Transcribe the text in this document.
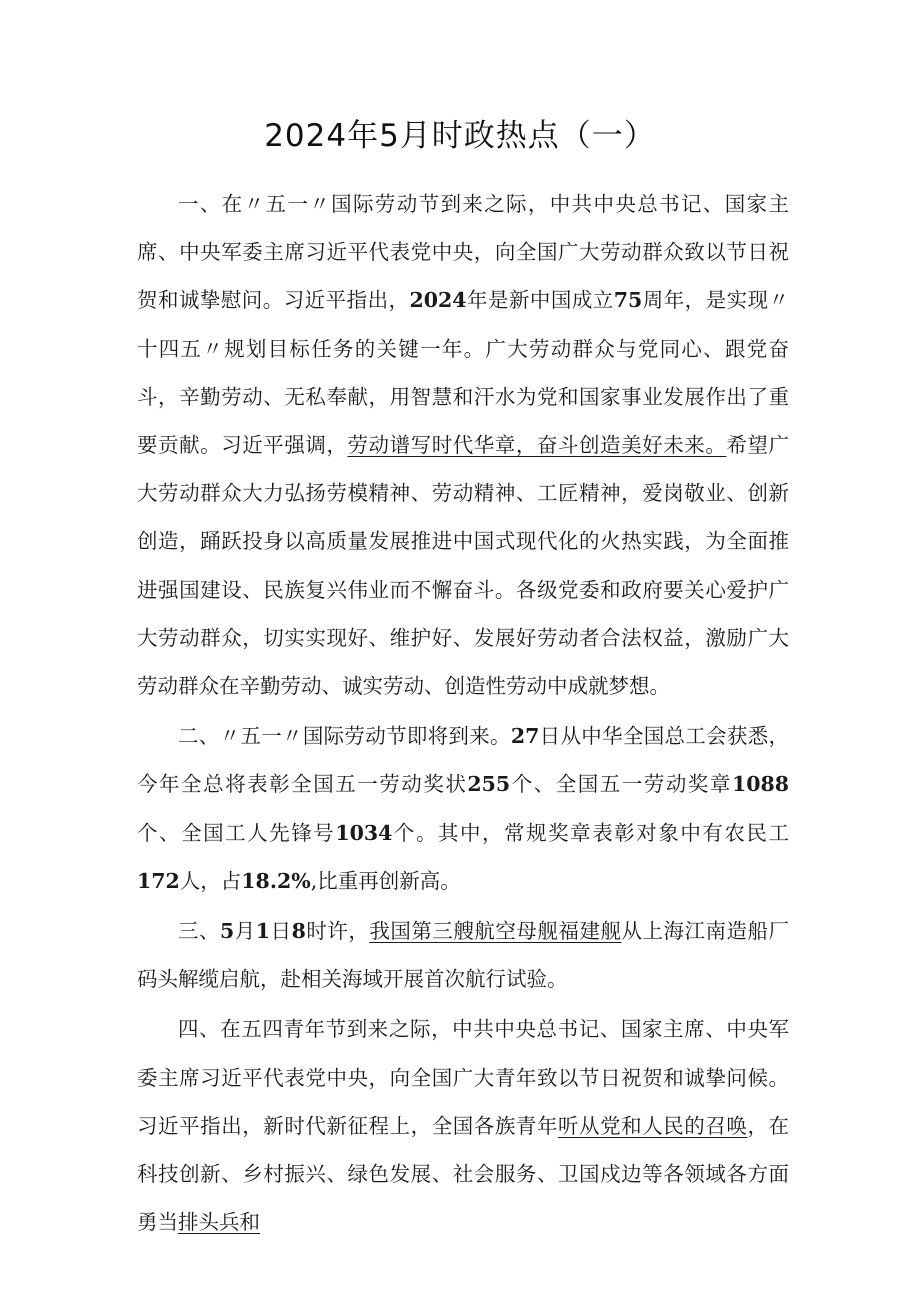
2024年5月时政热点（一）

一、在〃五一〃国际劳动节到来之际，中共中央总书记、国家主席、中央军委主席习近平代表党中央，向全国广大劳动群众致以节日祝贺和诚挚慰问。习近平指出，2024年是新中国成立75周年，是实现〃十四五〃规划目标任务的关键一年。广大劳动群众与党同心、跟党奋斗，辛勤劳动、无私奉献，用智慧和汗水为党和国家事业发展作出了重要贡献。习近平强调，劳动谱写时代华章，奋斗创造美好未来。希望广大劳动群众大力弘扬劳模精神、劳动精神、工匠精神，爱岗敬业、创新创造，踊跃投身以高质量发展推进中国式现代化的火热实践，为全面推进强国建设、民族复兴伟业而不懈奋斗。各级党委和政府要关心爱护广大劳动群众，切实实现好、维护好、发展好劳动者合法权益，激励广大劳动群众在辛勤劳动、诚实劳动、创造性劳动中成就梦想。

二、〃五一〃国际劳动节即将到来。27日从中华全国总工会获悉，今年全总将表彰全国五一劳动奖状255个、全国五一劳动奖章1088个、全国工人先锋号1034个。其中，常规奖章表彰对象中有农民工172人，占18.2%,比重再创新高。

三、5月1日8时许，我国第三艘航空母舰福建舰从上海江南造船厂码头解缆启航，赴相关海域开展首次航行试验。

四、在五四青年节到来之际，中共中央总书记、国家主席、中央军委主席习近平代表党中央，向全国广大青年致以节日祝贺和诚挚问候。习近平指出，新时代新征程上，全国各族青年听从党和人民的召唤，在科技创新、乡村振兴、绿色发展、社会服务、卫国戍边等各领域各方面勇当排头兵和
